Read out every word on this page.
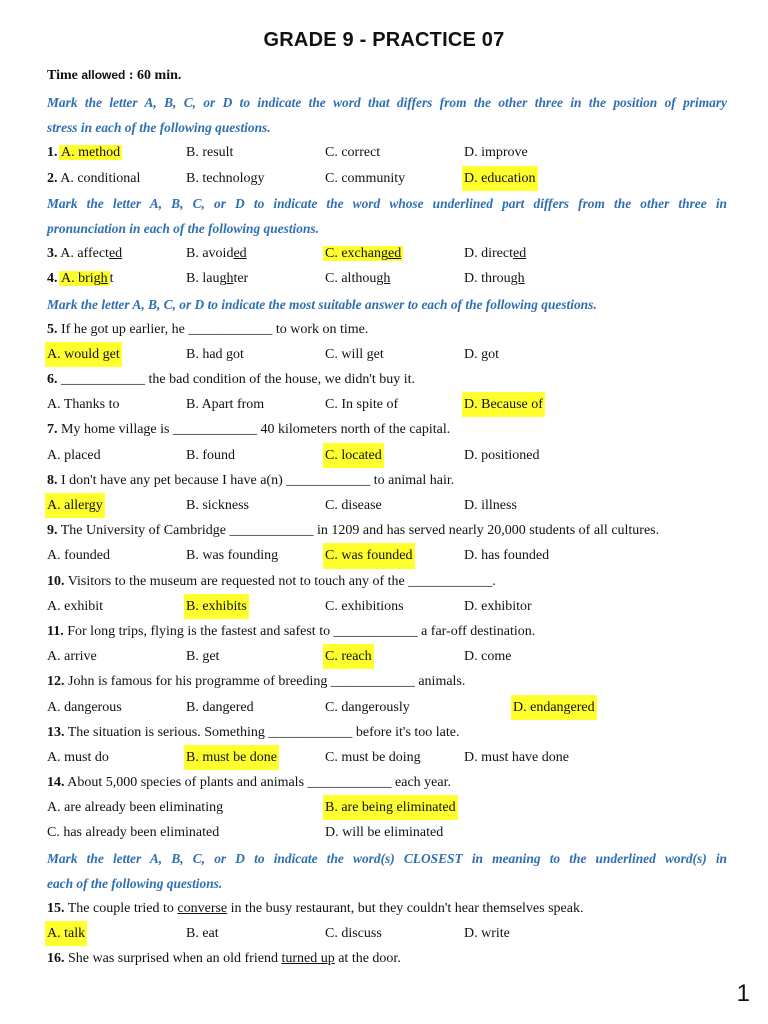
GRADE 9 - PRACTICE 07
Time allowed : 60 min.
Mark the letter A, B, C, or D to indicate the word that differs from the other three in the position of primary
stress in each of the following questions.
1. A. method	B. result	C. correct	D. improve
2. A. conditional	B. technology	C. community	D. education
Mark the letter A, B, C, or D to indicate the word whose underlined part differs from the other three in
pronunciation in each of the following questions.
3. A. affected	B. avoided	C. exchanged	D. directed
4. A. brigh t	B. laughter	C. although	D. through
Mark the letter A, B, C, or D to indicate the most suitable answer to each of the following questions.
5. If he got up earlier, he ____________ to work on time.
A. would get	B. had got	C. will get	D. got
6. ____________ the bad condition of the house, we didn't buy it.
A. Thanks to	B. Apart from	C. In spite of	D. Because of
7. My home village is ____________ 40 kilometers north of the capital.
A. placed	B. found	C. located	D. positioned
8. I don't have any pet because I have a(n) ____________ to animal hair.
A. allergy	B. sickness	C. disease	D. illness
9. The University of Cambridge ____________ in 1209 and has served nearly 20,000 students of all cultures.
A. founded	B. was founding	C. was founded	D. has founded
10. Visitors to the museum are requested not to touch any of the ____________.
A. exhibit	B. exhibits	C. exhibitions	D. exhibitor
11. For long trips, flying is the fastest and safest to ____________ a far-off destination.
A. arrive	B. get	C. reach	D. come
12. John is famous for his programme of breeding ____________ animals.
A. dangerous	B. dangered	C. dangerously	D. endangered
13. The situation is serious. Something ____________ before it's too late.
A. must do	B. must be done	C. must be doing	D. must have done
14. About 5,000 species of plants and animals ____________ each year.
A. are already been eliminating	B. are being eliminated
C. has already been eliminated	D. will be eliminated
Mark the letter A, B, C, or D to indicate the word(s) CLOSEST in meaning to the underlined word(s) in
each of the following questions.
15. The couple tried to converse in the busy restaurant, but they couldn't hear themselves speak.
A. talk	B. eat	C. discuss	D. write
16. She was surprised when an old friend turned up at the door.
1
